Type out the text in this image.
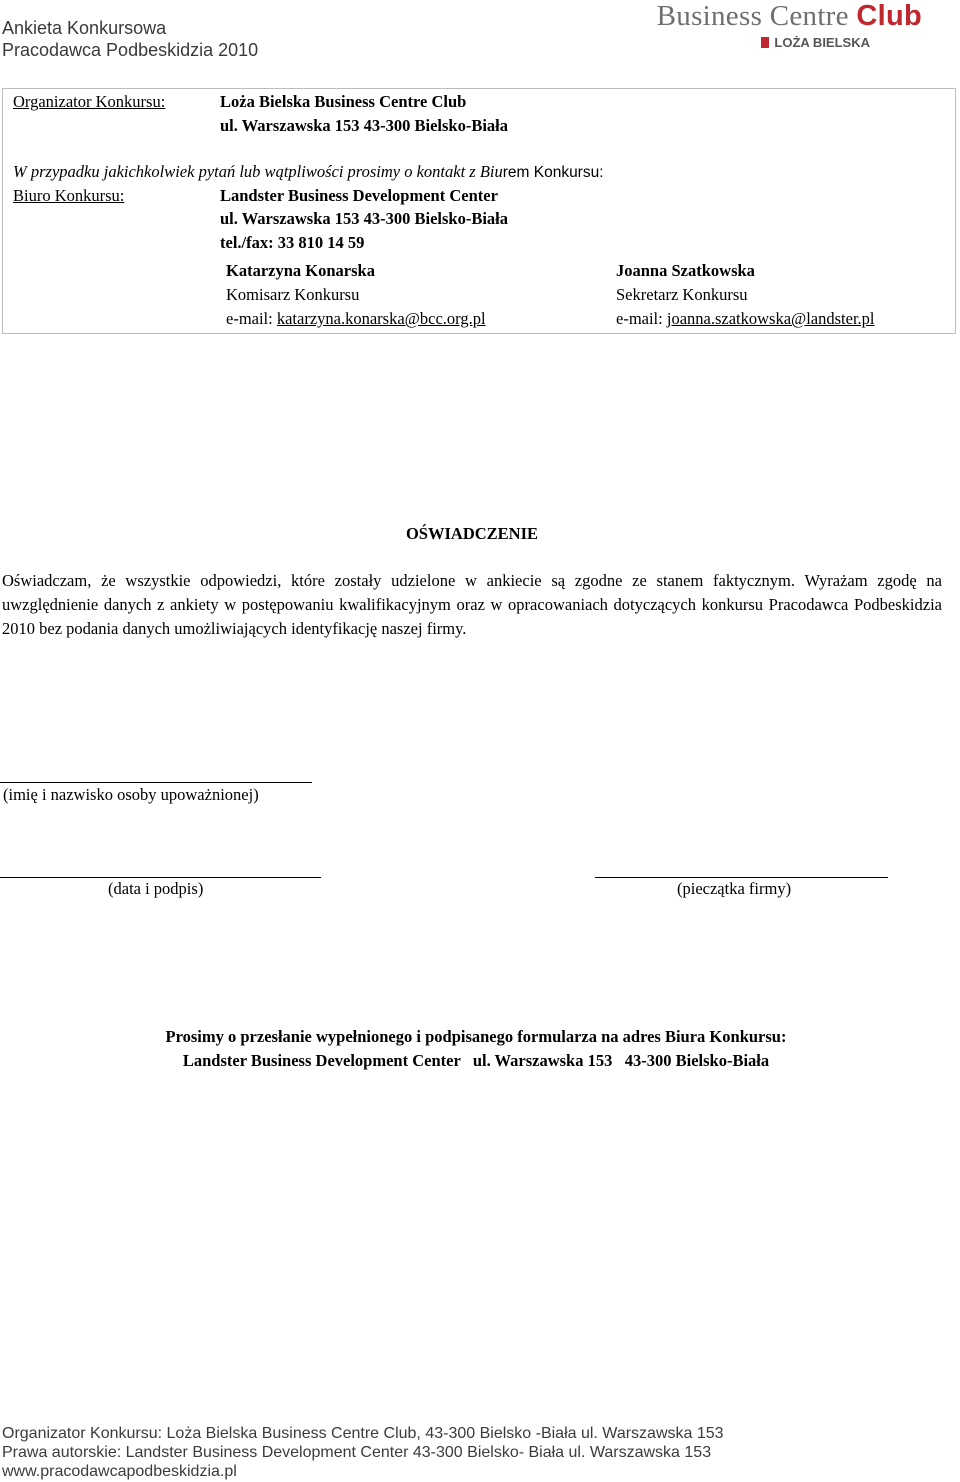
Ankieta Konkursowa
Pracodawca Podbeskidzia 2010
Business Centre Club
LOŻA BIELSKA
Organizator Konkursu:	Loża Bielska Business Centre Club
ul. Warszawska 153 43-300 Bielsko-Biała
W przypadku jakichkolwiek pytań lub wątpliwości prosimy o kontakt z Biurem Konkursu:
Biuro Konkursu:	Landster Business Development Center
ul. Warszawska 153 43-300 Bielsko-Biała
tel./fax: 33 810 14 59
Katarzyna Konarska
Komisarz Konkursu
e-mail: katarzyna.konarska@bcc.org.pl
Joanna Szatkowska
Sekretarz Konkursu
e-mail: joanna.szatkowska@landster.pl
OŚWIADCZENIE
Oświadczam, że wszystkie odpowiedzi, które zostały udzielone w ankiecie są zgodne ze stanem faktycznym. Wyrażam zgodę na uwzględnienie danych z ankiety w postępowaniu kwalifikacyjnym oraz w opracowaniach dotyczących konkursu Pracodawca Podbeskidzia 2010 bez podania danych umożliwiających identyfikację naszej firmy.
(imię i nazwisko osoby upoważnionej)
(data i podpis)	(pieczątka firmy)
Prosimy o przesłanie wypełnionego i podpisanego formularza na adres Biura Konkursu:
Landster Business Development Center   ul. Warszawska 153   43-300 Bielsko-Biała
Organizator Konkursu: Loża Bielska Business Centre Club, 43-300 Bielsko -Biała ul. Warszawska 153
Prawa autorskie: Landster Business Development Center 43-300 Bielsko- Biała ul. Warszawska 153
www.pracodawcapodbeskidzia.pl
